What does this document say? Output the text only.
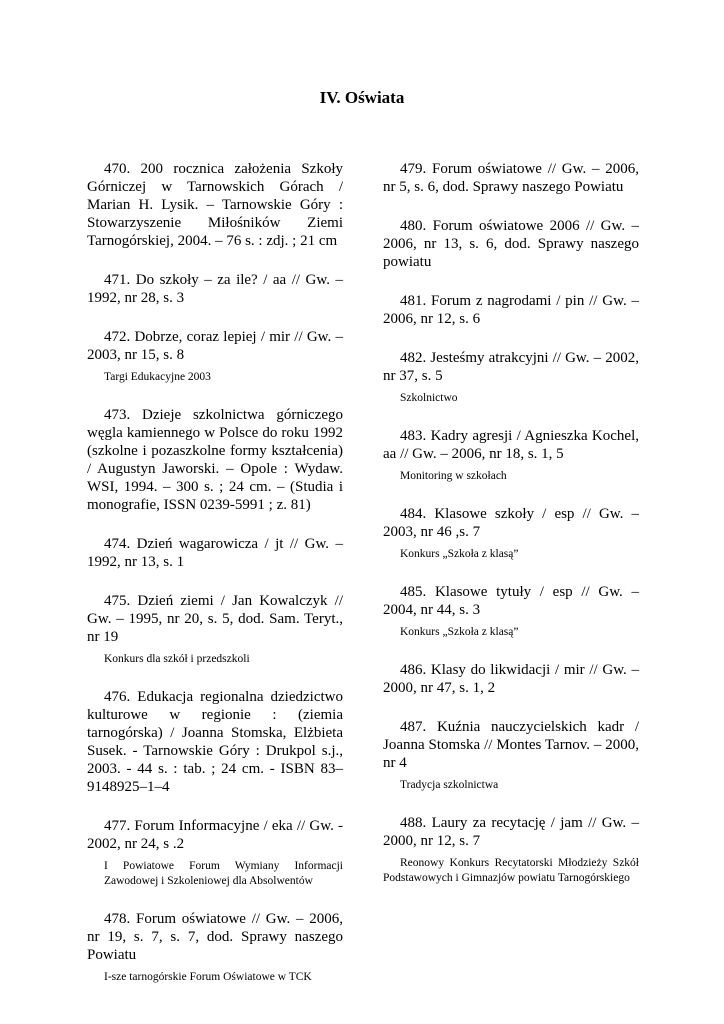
IV. Oświata
470. 200 rocznica założenia Szkoły Górniczej w Tarnowskich Górach / Marian H. Lysik. – Tarnowskie Góry : Stowarzyszenie Miłośników Ziemi Tarnogórskiej, 2004. – 76 s. : zdj. ; 21 cm
471. Do szkoły – za ile? / aa // Gw. – 1992, nr 28, s. 3
472. Dobrze, coraz lepiej / mir // Gw. – 2003, nr 15, s. 8
Targi Edukacyjne 2003
473. Dzieje szkolnictwa górniczego węgla kamiennego w Polsce do roku 1992 (szkolne i pozaszkolne formy kształcenia) / Augustyn Jaworski. – Opole : Wydaw. WSI, 1994. – 300 s. ; 24 cm. – (Studia i monografie, ISSN 0239-5991 ; z. 81)
474. Dzień wagarowicza / jt // Gw. – 1992, nr 13, s. 1
475. Dzień ziemi / Jan Kowalczyk // Gw. – 1995, nr 20, s. 5, dod. Sam. Teryt., nr 19
Konkurs dla szkół i przedszkoli
476. Edukacja regionalna dziedzictwo kulturowe w regionie : (ziemia tarnogórska) / Joanna Stomska, Elżbieta Susek. - Tarnowskie Góry : Drukpol s.j., 2003. - 44 s. : tab. ; 24 cm. - ISBN 83–9148925–1–4
477. Forum Informacyjne / eka // Gw. - 2002, nr 24, s .2
I Powiatowe Forum Wymiany Informacji Zawodowej i Szkoleniowej dla Absolwentów
478. Forum oświatowe // Gw. – 2006, nr 19, s. 7, s. 7, dod. Sprawy naszego Powiatu
I-sze tarnogórskie Forum Oświatowe w TCK
479. Forum oświatowe // Gw. – 2006, nr 5, s. 6, dod. Sprawy naszego Powiatu
480. Forum oświatowe 2006 // Gw. – 2006, nr 13, s. 6, dod. Sprawy naszego powiatu
481. Forum z nagrodami / pin // Gw. – 2006, nr 12, s. 6
482. Jesteśmy atrakcyjni // Gw. – 2002, nr 37, s. 5
Szkolnictwo
483. Kadry agresji / Agnieszka Kochel, aa // Gw. – 2006, nr 18, s. 1, 5
Monitoring w szkołach
484. Klasowe szkoły / esp // Gw. – 2003, nr 46 ,s. 7
Konkurs „Szkoła z klasą”
485. Klasowe tytuły / esp // Gw. – 2004, nr 44, s. 3
Konkurs „Szkoła z klasą”
486. Klasy do likwidacji / mir // Gw. – 2000, nr 47, s. 1, 2
487. Kuźnia nauczycielskich kadr / Joanna Stomska // Montes Tarnov. – 2000, nr 4
Tradycja szkolnictwa
488. Laury za recytację / jam // Gw. – 2000, nr 12, s. 7
Reonowy Konkurs Recytatorski Młodzieży Szkół Podstawowych i Gimnazjów powiatu Tarnogórskiego
